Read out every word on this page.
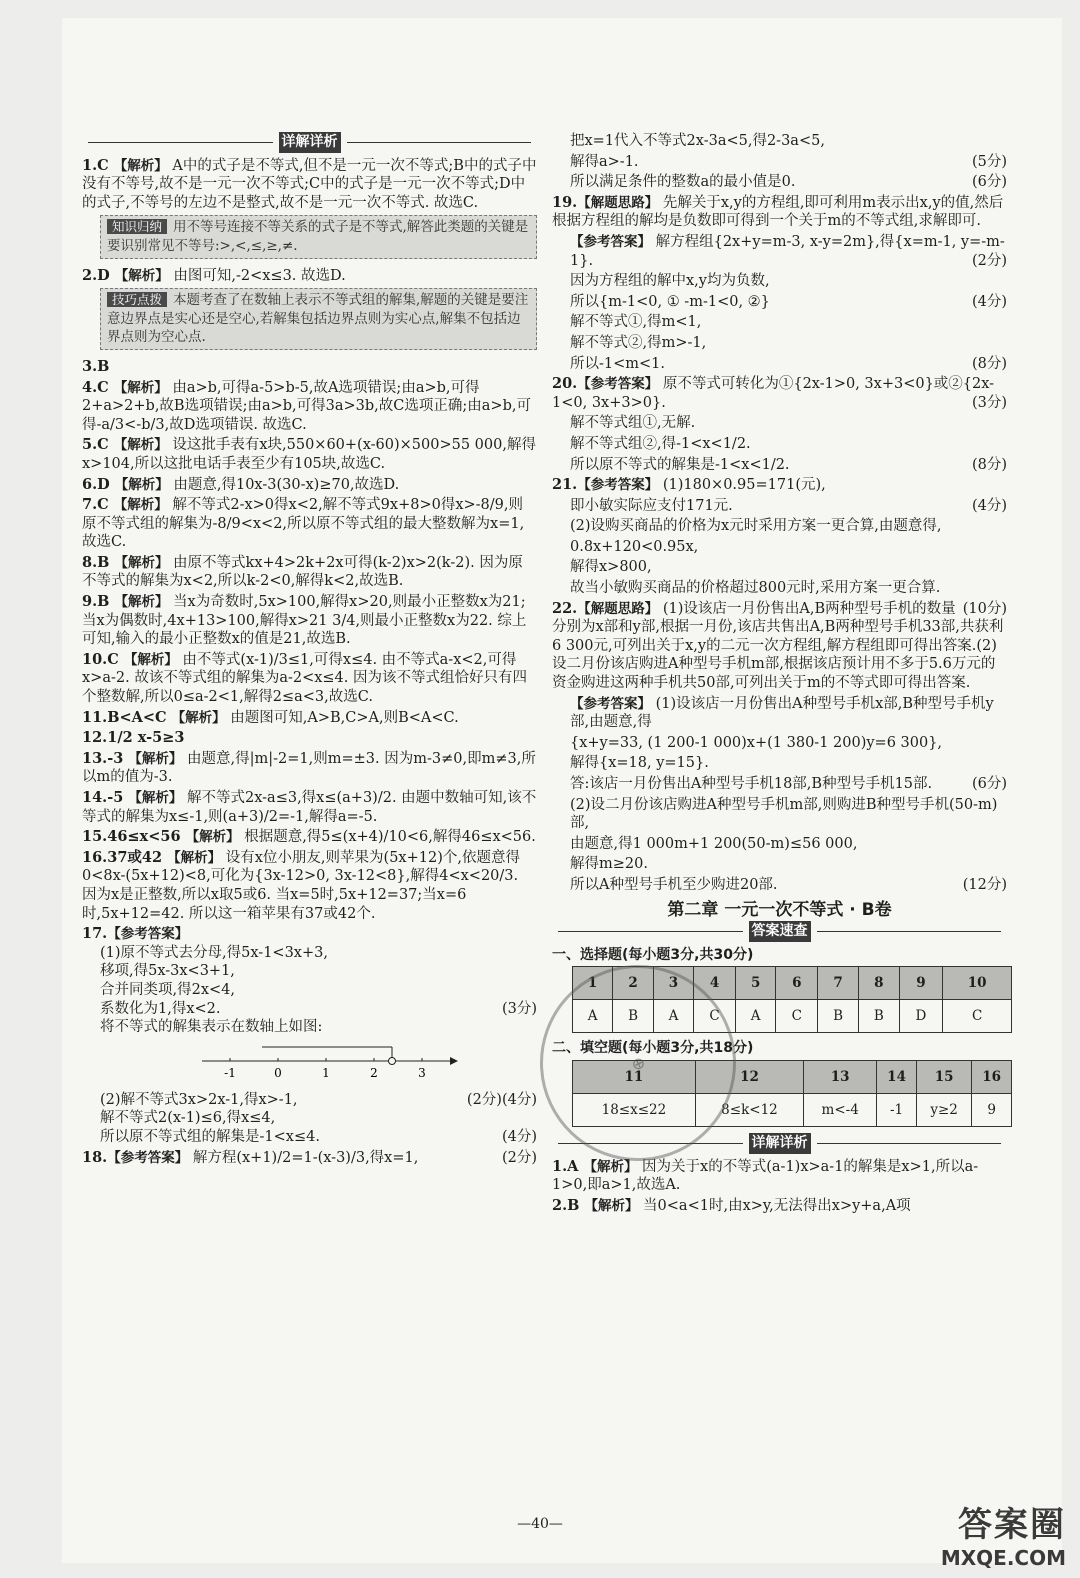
详解详析
1.C 【解析】 A中的式子是不等式,但不是一元一次不等式;B中的式子中没有不等号,故不是一元一次不等式;C中的式子是一元一次不等式;D中的式子,不等号的左边不是整式,故不是一元一次不等式. 故选C.
知识归纳 用不等号连接不等关系的式子是不等式,解答此类题的关键是要识别常见不等号:>,<,≤,≥,≠.
2.D 【解析】 由图可知,-2<x≤3. 故选D.
技巧点拨 本题考查了在数轴上表示不等式组的解集,解题的关键是要注意边界点是实心还是空心,若解集包括边界点则为实心点,解集不包括边界点则为空心点.
3.B
4.C 【解析】 由a>b,可得a-5>b-5,故A选项错误;由a>b,可得2+a>2+b,故B选项错误;由a>b,可得3a>3b,故C选项正确;由a>b,可得-a/3<-b/3,故D选项错误. 故选C.
5.C 【解析】 设这批手表有x块,550×60+(x-60)×500>55 000,解得x>104,所以这批电话手表至少有105块,故选C.
6.D 【解析】 由题意,得10x-3(30-x)≥70,故选D.
7.C 【解析】 解不等式2-x>0得x<2,解不等式9x+8>0得x>-8/9,则原不等式组的解集为-8/9<x<2,所以原不等式组的最大整数解为x=1,故选C.
8.B 【解析】 由原不等式kx+4>2k+2x可得(k-2)x>2(k-2). 因为原不等式的解集为x<2,所以k-2<0,解得k<2,故选B.
9.B 【解析】 当x为奇数时,5x>100,解得x>20,则最小正整数x为21;当x为偶数时,4x+13>100,解得x>21 3/4,则最小正整数x为22. 综上可知,输入的最小正整数x的值是21,故选B.
10.C 【解析】 由不等式(x-1)/3≤1,可得x≤4. 由不等式a-x<2,可得x>a-2. 故该不等式组的解集为a-2<x≤4. 因为该不等式组恰好只有四个整数解,所以0≤a-2<1,解得2≤a<3,故选C.
11.B<A<C 【解析】 由题图可知,A>B,C>A,则B<A<C.
12.1/2 x-5≥3
13.-3 【解析】 由题意,得|m|-2=1,则m=±3. 因为m-3≠0,即m≠3,所以m的值为-3.
14.-5 【解析】 解不等式2x-a≤3,得x≤(a+3)/2. 由题中数轴可知,该不等式的解集为x≤-1,则(a+3)/2=-1,解得a=-5.
15.46≤x<56 【解析】 根据题意,得5≤(x+4)/10<6,解得46≤x<56.
16.37或42 【解析】 设有x位小朋友,则苹果为(5x+12)个,依题意得0<8x-(5x+12)<8,可化为{3x-12>0, 3x-12<8},解得4<x<20/3. 因为x是正整数,所以x取5或6. 当x=5时,5x+12=37;当x=6时,5x+12=42. 所以这一箱苹果有37或42个.
17.【参考答案】
(1)原不等式去分母,得5x-1<3x+3,
移项,得5x-3x<3+1,
合并同类项,得2x<4,
系数化为1,得x<2.	(3分)
将不等式的解集表示在数轴上如图:
-1	0	1	2	3
(4分)
(2)解不等式3x>2x-1,得x>-1,	(2分)
解不等式2(x-1)≤6,得x≤4,
所以原不等式组的解集是-1<x≤4.	(4分)
18.【参考答案】 解方程(x+1)/2=1-(x-3)/3,得x=1,	(2分)
把x=1代入不等式2x-3a<5,得2-3a<5,
解得a>-1.	(5分)
所以满足条件的整数a的最小值是0.	(6分)
19.【解题思路】 先解关于x,y的方程组,即可利用m表示出x,y的值,然后根据方程组的解均是负数即可得到一个关于m的不等式组,求解即可.
【参考答案】 解方程组{2x+y=m-3, x-y=2m},得{x=m-1, y=-m-1}.	(2分)
因为方程组的解中x,y均为负数,
所以{m-1<0, ① -m-1<0, ②}	(4分)
解不等式①,得m<1,
解不等式②,得m>-1,
所以-1<m<1.	(8分)
20.【参考答案】 原不等式可转化为①{2x-1>0, 3x+3<0}或②{2x-1<0, 3x+3>0}.	(3分)
解不等式组①,无解.
解不等式组②,得-1<x<1/2.
所以原不等式的解集是-1<x<1/2.	(8分)
21.【参考答案】 (1)180×0.95=171(元),
即小敏实际应支付171元.	(4分)
(2)设购买商品的价格为x元时采用方案一更合算,由题意得,
0.8x+120<0.95x,
解得x>800,
故当小敏购买商品的价格超过800元时,采用方案一更合算.
(10分)
22.【解题思路】 (1)设该店一月份售出A,B两种型号手机的数量分别为x部和y部,根据一月份,该店共售出A,B两种型号手机33部,共获利6 300元,可列出关于x,y的二元一次方程组,解方程组即可得出答案.(2)设二月份该店购进A种型号手机m部,根据该店预计用不多于5.6万元的资金购进这两种手机共50部,可列出关于m的不等式即可得出答案.
【参考答案】 (1)设该店一月份售出A种型号手机x部,B种型号手机y部,由题意,得
{x+y=33, (1 200-1 000)x+(1 380-1 200)y=6 300},
解得{x=18, y=15}.
答:该店一月份售出A种型号手机18部,B种型号手机15部.	(6分)
(2)设二月份该店购进A种型号手机m部,则购进B种型号手机(50-m)部,
由题意,得1 000m+1 200(50-m)≤56 000,
解得m≥20.
所以A种型号手机至少购进20部.	(12分)
第二章 一元一次不等式 · B卷
答案速查
一、选择题(每小题3分,共30分)
1	2	3	4	5	6	7	8	9	10
A	B	A	C	A	C	B	B	D	C
二、填空题(每小题3分,共18分)
11	12	13	14	15	16
18≤x≤22	8≤k<12	m<-4	-1	y≥2	9
详解详析
1.A 【解析】 因为关于x的不等式(a-1)x>a-1的解集是x>1,所以a-1>0,即a>1,故选A.
2.B 【解析】 当0<a<1时,由x>y,无法得出x>y+a,A项
⊕
—40—	答案圈
MXQE.COM
